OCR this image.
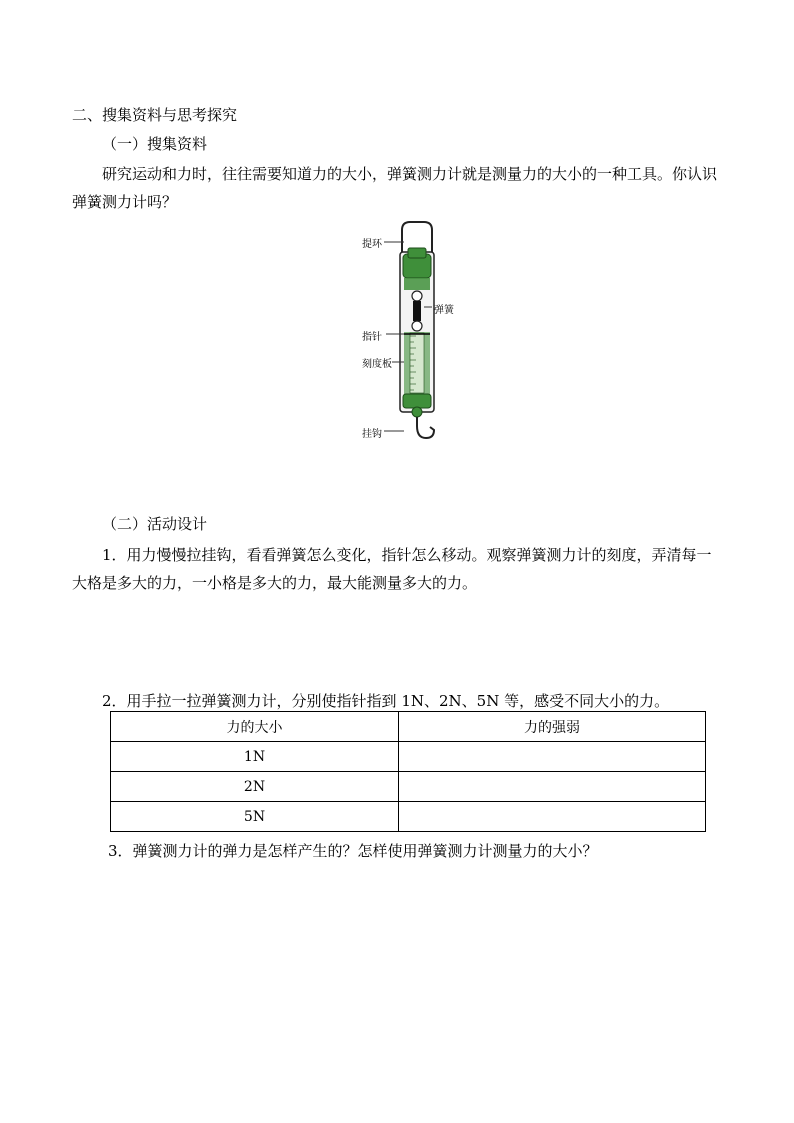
二、搜集资料与思考探究
（一）搜集资料
研究运动和力时，往往需要知道力的大小，弹簧测力计就是测量力的大小的一种工具。你认识弹簧测力计吗？
提环
弹簧
指针
刻度板
挂钩
（二）活动设计
1．用力慢慢拉挂钩，看看弹簧怎么变化，指针怎么移动。观察弹簧测力计的刻度，弄清每一大格是多大的力，一小格是多大的力，最大能测量多大的力。
2．用手拉一拉弹簧测力计，分别使指针指到 1N、2N、5N 等，感受不同大小的力。
力的大小	力的强弱
1N	
2N	
5N	
3．弹簧测力计的弹力是怎样产生的？怎样使用弹簧测力计测量力的大小？
